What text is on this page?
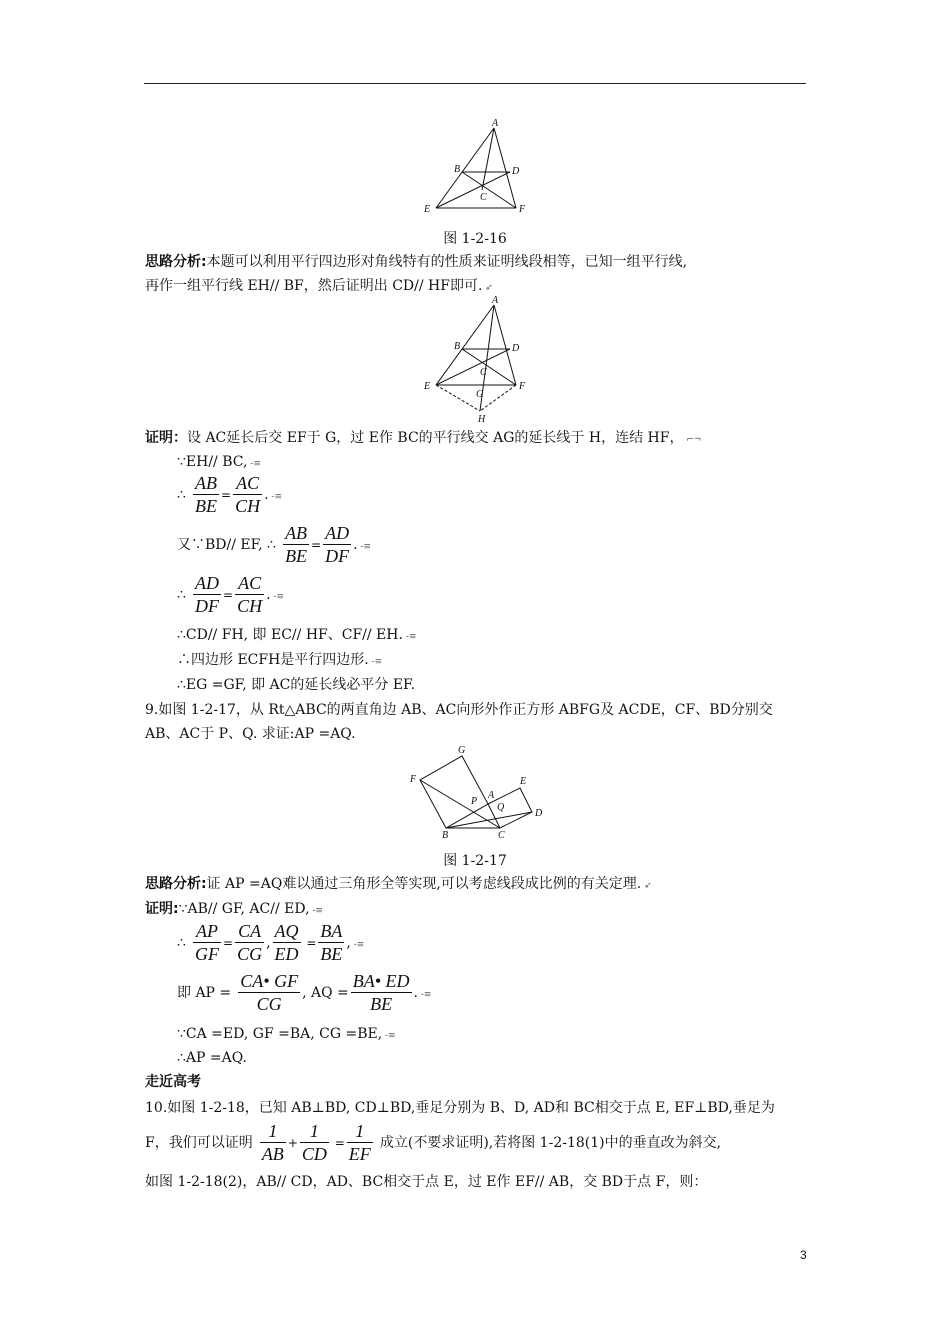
A
B	D
C
E	F
图 1-2-16
思路分析:本题可以利用平行四边形对角线特有的性质来证明线段相等，已知一组平行线,
再作一组平行线 EH// BF，然后证明出 CD// HF即可. ➶
A
B	D
C
E	F
G
H
证明：设 AC延长后交 EF于 G，过 E作 BC的平行线交 AG的延长线于 H，连结 HF， ⌐¬
∵EH// BC, -≡
∴ $\frac{AB}{BE} = \frac{AC}{CH}$ . -≡
又∵BD// EF, ∴ $\frac{AB}{BE} = \frac{AD}{DF}$ . -≡
∴ $\frac{AD}{DF} = \frac{AC}{CH}$ . -≡
∴CD// FH, 即 EC// HF、CF// EH. -≡
∴四边形 ECFH是平行四边形. -≡
∴EG =GF, 即 AC的延长线必平分 EF.
9.如图 1-2-17，从 Rt△ABC的两直角边 AB、AC向形外作正方形 ABFG及 ACDE，CF、BD分别交
AB、AC于 P、Q. 求证:AP =AQ.
G
F	E
A
P
Q
D
B	C
图 1-2-17
思路分析:证 AP =AQ难以通过三角形全等实现,可以考虑线段成比例的有关定理. ➶
证明:∵AB// GF, AC// ED, -≡
∴ $\frac{AP}{GF} = \frac{CA}{CG}$ , $\frac{AQ}{ED} = \frac{BA}{BE}$ , -≡
即 AP = $\frac{CA• GF}{CG}$ , AQ = $\frac{BA• ED}{BE}$ . -≡
∵CA =ED, GF =BA, CG =BE, -≡
∴AP =AQ.
走近高考
10.如图 1-2-18，已知 AB⊥BD, CD⊥BD,垂足分别为 B、D, AD和 BC相交于点 E, EF⊥BD,垂足为
F，我们可以证明 $\frac{1}{AB} + \frac{1}{CD} = \frac{1}{EF}$ 成立(不要求证明),若将图 1-2-18(1)中的垂直改为斜交,
如图 1-2-18(2)，AB// CD，AD、BC相交于点 E，过 E作 EF// AB，交 BD于点 F，则：
3
